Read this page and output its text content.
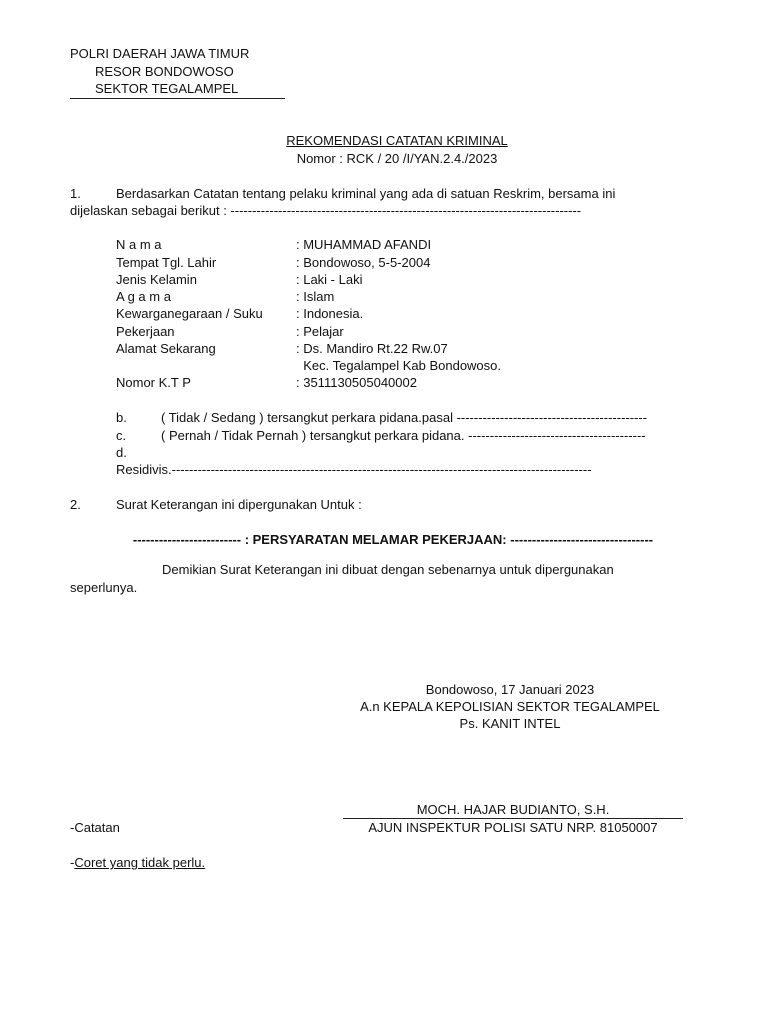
POLRI DAERAH JAWA TIMUR
RESOR BONDOWOSO
SEKTOR TEGALAMPEL
REKOMENDASI CATATAN KRIMINAL
Nomor : RCK / 20 /I/YAN.2.4./2023
1.	Berdasarkan Catatan tentang pelaku kriminal yang ada di satuan Reskrim, bersama ini
dijelaskan sebagai berikut : ---------------------------------------------------------------------------------
N a m a	: MUHAMMAD AFANDI
Tempat Tgl. Lahir	: Bondowoso, 5-5-2004
Jenis Kelamin	: Laki - Laki
A g a m a	: Islam
Kewarganegaraan / Suku	: Indonesia.
Pekerjaan	: Pelajar
Alamat Sekarang	: Ds. Mandiro Rt.22 Rw.07
Kec. Tegalampel Kab Bondowoso.
Nomor K.T P	: 3511130505040002
b.	( Tidak / Sedang ) tersangkut perkara pidana.pasal --------------------------------------------
c.	( Pernah / Tidak Pernah ) tersangkut perkara pidana. -----------------------------------------
d.
Residivis.-------------------------------------------------------------------------------------------------
2.	Surat Keterangan ini dipergunakan Untuk :
------------------------- : PERSYARATAN MELAMAR PEKERJAAN: ---------------------------------
Demikian Surat Keterangan ini dibuat dengan sebenarnya untuk dipergunakan
seperlunya.
Bondowoso, 17 Januari 2023
A.n KEPALA KEPOLISIAN SEKTOR TEGALAMPEL
Ps. KANIT INTEL
MOCH. HAJAR BUDIANTO, S.H.
AJUN INSPEKTUR POLISI SATU NRP. 81050007
-Catatan
-Coret yang tidak perlu.
